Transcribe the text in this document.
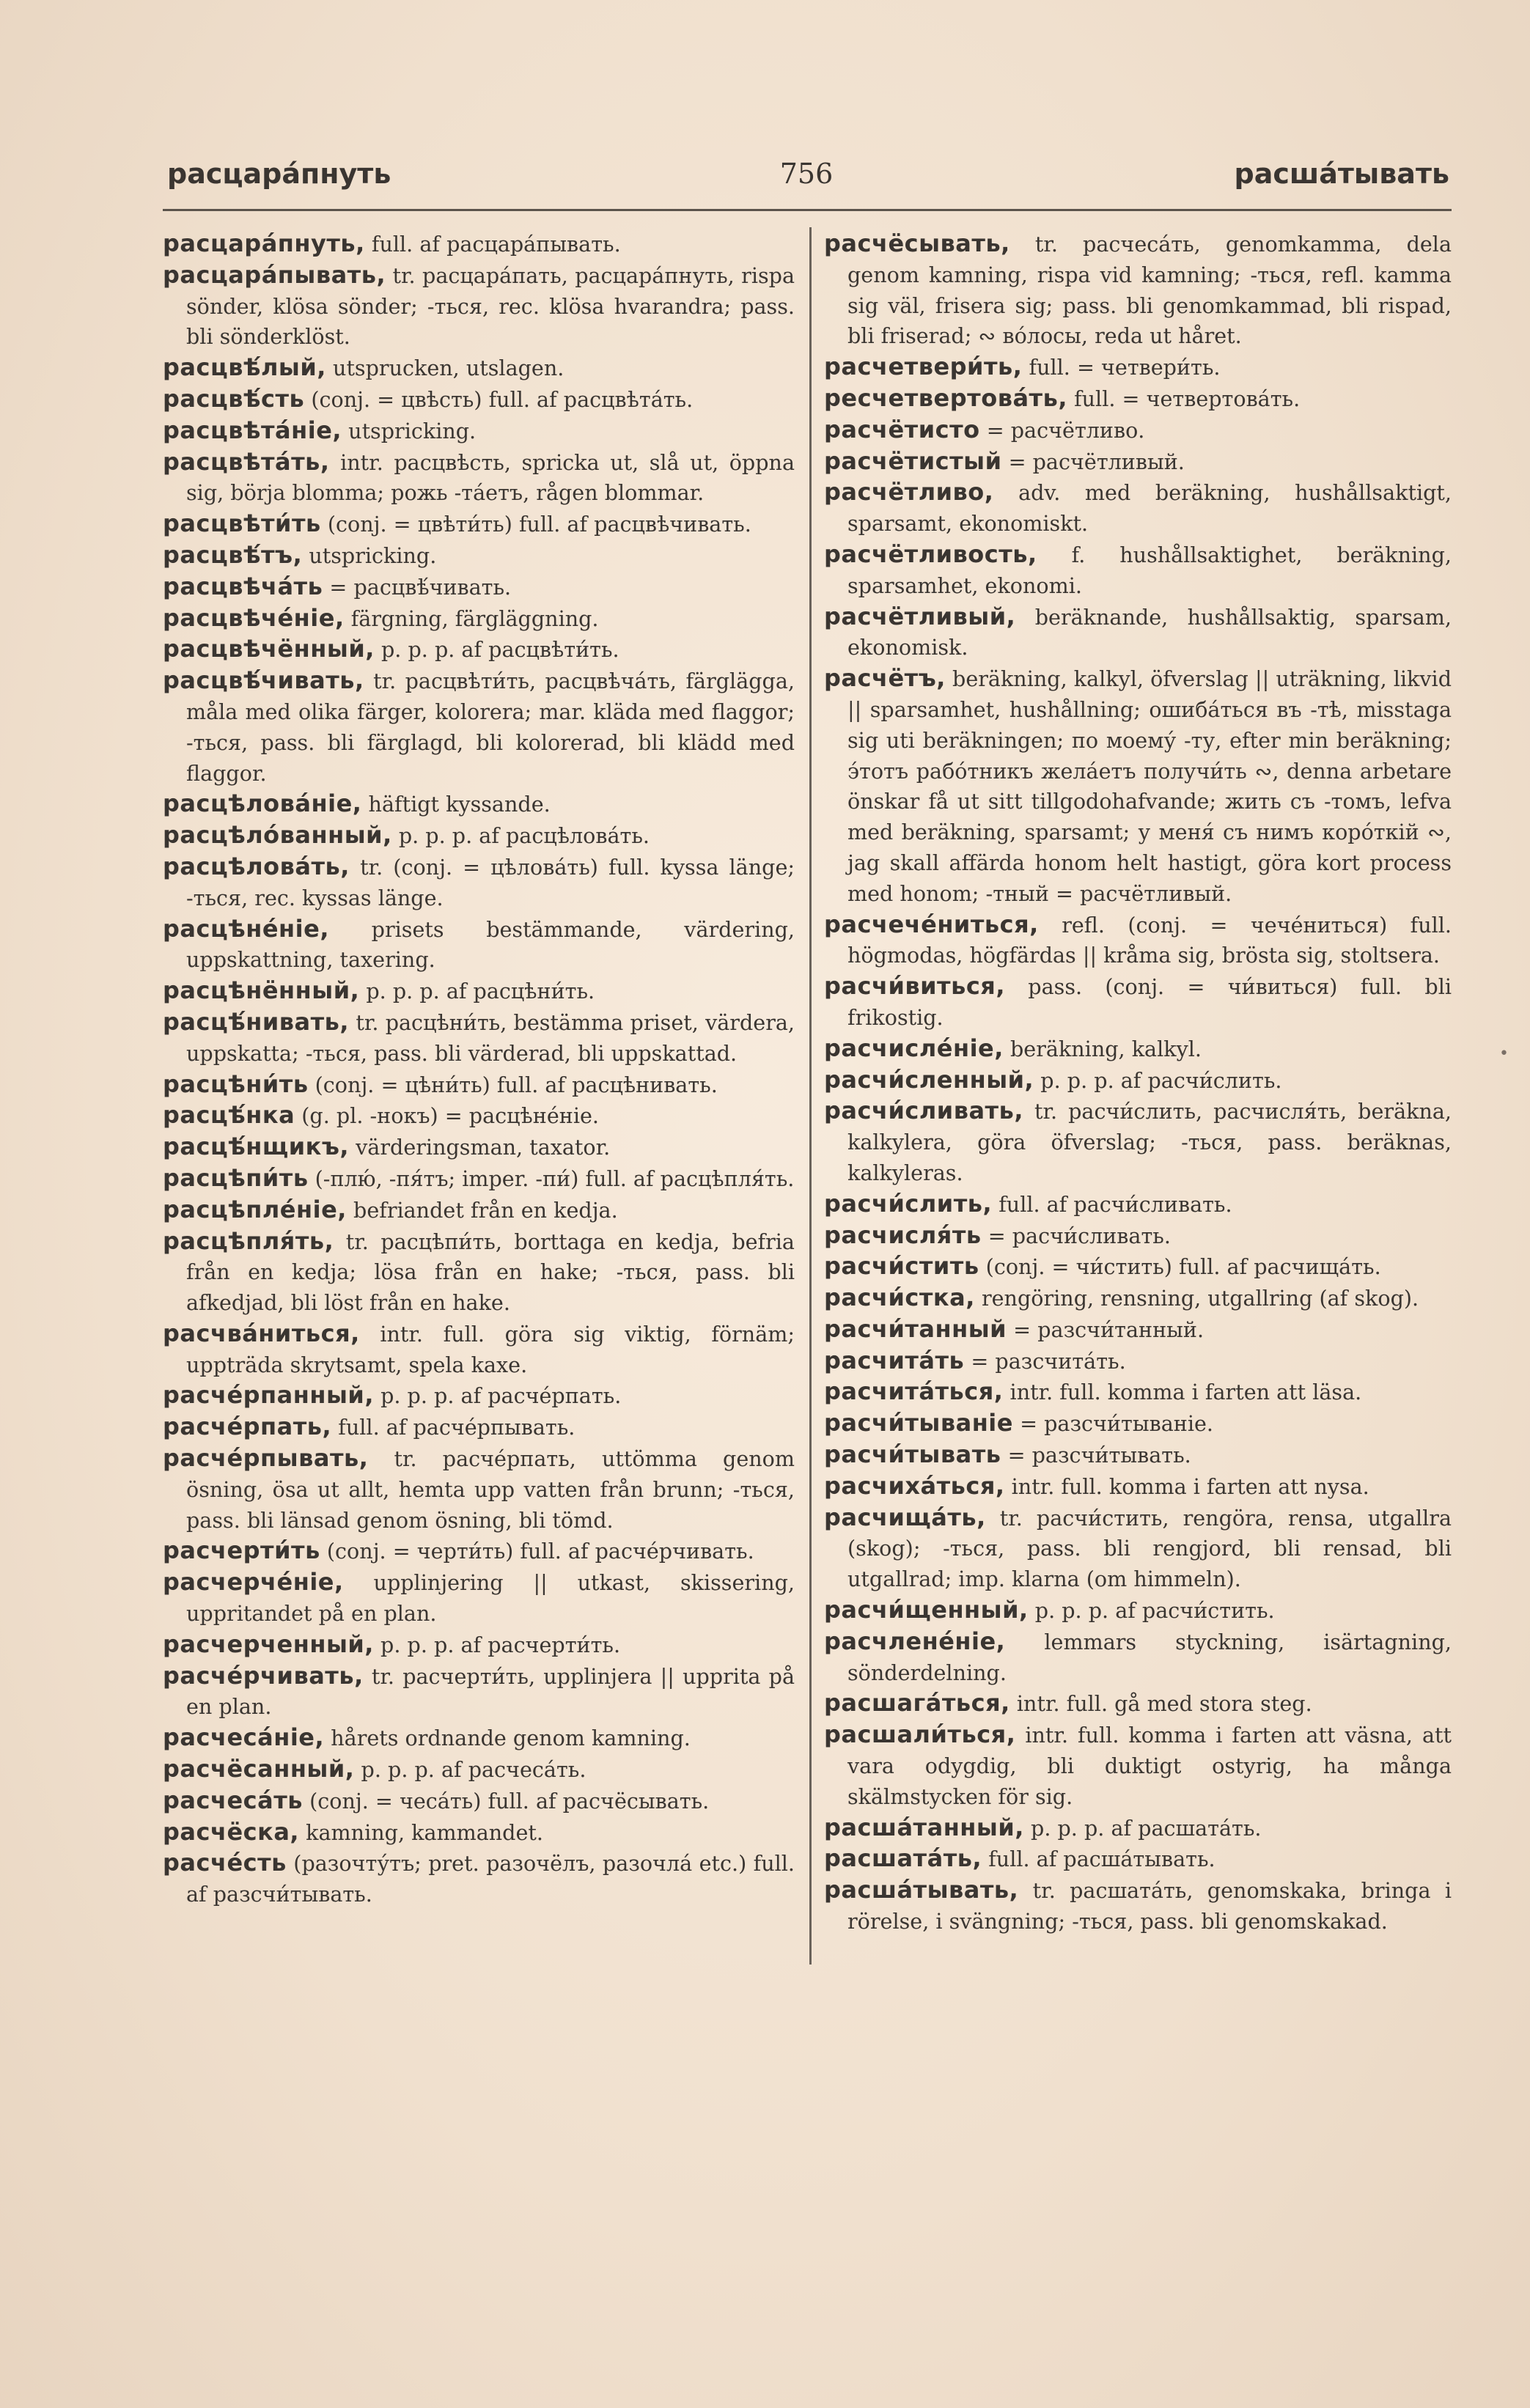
расцара́пнуть	756	расша́тывать

расцара́пнуть, full. af расцара́пывать.

расцара́пывать, tr. расцара́пать, расцара́пнуть, rispa sönder, klösa sönder; -ться, rec. klösa hvarandra; pass. bli sönderklöst.

расцвѣ́лый, utsprucken, utslagen.

расцвѣ́сть (conj. = цвѣсть) full. af расцвѣта́ть.

расцвѣта́ніе, utspricking.

расцвѣта́ть, intr. расцвѣсть, spricka ut, slå ut, öppna sig, börja blomma; рожь -та́етъ, rågen blommar.

расцвѣти́ть (conj. = цвѣти́ть) full. af расцвѣчивать.

расцвѣ́тъ, utspricking.

расцвѣча́ть = расцвѣ́чивать.

расцвѣче́ніе, färgning, färgläggning.

расцвѣчённый, p. p. p. af расцвѣти́ть.

расцвѣ́чивать, tr. расцвѣти́ть, расцвѣча́ть, färglägga, måla med olika färger, kolorera; mar. kläda med flaggor; -ться, pass. bli färglagd, bli kolorerad, bli klädd med flaggor.

расцѣлова́ніе, häftigt kyssande.

расцѣло́ванный, p. p. p. af расцѣлова́ть.

расцѣлова́ть, tr. (conj. = цѣлова́ть) full. kyssa länge; -ться, rec. kyssas länge.

расцѣне́ніе, prisets bestämmande, värdering, uppskattning, taxering.

расцѣнённый, p. p. p. af расцѣни́ть.

расцѣ́нивать, tr. расцѣни́ть, bestämma priset, värdera, uppskatta; -ться, pass. bli värderad, bli uppskattad.

расцѣни́ть (conj. = цѣни́ть) full. af расцѣнивать.

расцѣ́нка (g. pl. -нокъ) = расцѣне́ніе.

расцѣ́нщикъ, värderingsman, taxator.

расцѣпи́ть (-плю́, -пя́тъ; imper. -пи́) full. af расцѣпля́ть.

расцѣпле́ніе, befriandet från en kedja.

расцѣпля́ть, tr. расцѣпи́ть, borttaga en kedja, befria från en kedja; lösa från en hake; -ться, pass. bli afkedjad, bli löst från en hake.

расчва́ниться, intr. full. göra sig viktig, förnäm; uppträda skrytsamt, spela kaxe.

расче́рпанный, p. p. p. af расче́рпать.

расче́рпать, full. af расче́рпывать.

расче́рпывать, tr. расче́рпать, uttömma genom ösning, ösa ut allt, hemta upp vatten från brunn; -ться, pass. bli länsad genom ösning, bli tömd.

расчерти́ть (conj. = черти́ть) full. af расче́рчивать.

расчерче́ніе, upplinjering || utkast, skissering, uppritandet på en plan.

расчерченный, p. p. p. af расчерти́ть.

расче́рчивать, tr. расчерти́ть, upplinjera || upprita på en plan.

расчеса́ніе, hårets ordnande genom kamning.

расчёсанный, p. p. p. af расчеса́ть.

расчеса́ть (conj. = чеса́ть) full. af расчёсывать.

расчёска, kamning, kammandet.

расче́сть (разочту́тъ; pret. разочёлъ, разочла́ etc.) full. af разсчи́тывать.

расчёсывать, tr. расчеса́ть, genomkamma, dela genom kamning, rispa vid kamning; -ться, refl. kamma sig väl, frisera sig; pass. bli genomkammad, bli rispad, bli friserad; ∾ во́лосы, reda ut håret.

расчетвери́ть, full. = четвери́ть.

ресчетвертова́ть, full. = четвертова́ть.

расчётисто = расчётливо.

расчётистый = расчётливый.

расчётливо, adv. med beräkning, hushållsaktigt, sparsamt, ekonomiskt.

расчётливость, f. hushållsaktighet, beräkning, sparsamhet, ekonomi.

расчётливый, beräknande, hushållsaktig, sparsam, ekonomisk.

расчётъ, beräkning, kalkyl, öfverslag || uträkning, likvid || sparsamhet, hushållning; ошиба́ться въ -тѣ, misstaga sig uti beräkningen; по моему́ -ту, efter min beräkning; э́тотъ рабо́тникъ жела́етъ получи́ть ∾, denna arbetare önskar få ut sitt tillgodohafvande; жить съ -томъ, lefva med beräkning, sparsamt; у меня́ съ нимъ коро́ткій ∾, jag skall affärda honom helt hastigt, göra kort process med honom; -тный = расчётливый.

расчече́ниться, refl. (conj. = чече́ниться) full. högmodas, högfärdas || kråma sig, brösta sig, stoltsera.

расчи́виться, pass. (conj. = чи́виться) full. bli frikostig.

расчисле́ніе, beräkning, kalkyl.

расчи́сленный, p. p. p. af расчи́слить.

расчи́сливать, tr. расчи́слить, расчисля́ть, beräkna, kalkylera, göra öfverslag; -ться, pass. beräknas, kalkyleras.

расчи́слить, full. af расчи́сливать.

расчисля́ть = расчи́сливать.

расчи́стить (conj. = чи́стить) full. af расчища́ть.

расчи́стка, rengöring, rensning, utgallring (af skog).

расчи́танный = разсчи́танный.

расчита́ть = разсчита́ть.

расчита́ться, intr. full. komma i farten att läsa.

расчи́тываніе = разсчи́тываніе.

расчи́тывать = разсчи́тывать.

расчиха́ться, intr. full. komma i farten att nysa.

расчища́ть, tr. расчи́стить, rengöra, rensa, utgallra (skog); -ться, pass. bli rengjord, bli rensad, bli utgallrad; imp. klarna (om himmeln).

расчи́щенный, p. p. p. af расчи́стить.

расчлене́ніе, lemmars styckning, isärtagning, sönderdelning.

расшага́ться, intr. full. gå med stora steg.

расшали́ться, intr. full. komma i farten att väsna, att vara odygdig, bli duktigt ostyrig, ha många skälmstycken för sig.

расша́танный, p. p. p. af расшата́ть.

расшата́ть, full. af расша́тывать.

расша́тывать, tr. расшата́ть, genomskaka, bringa i rörelse, i svängning; -ться, pass. bli genomskakad.

•
